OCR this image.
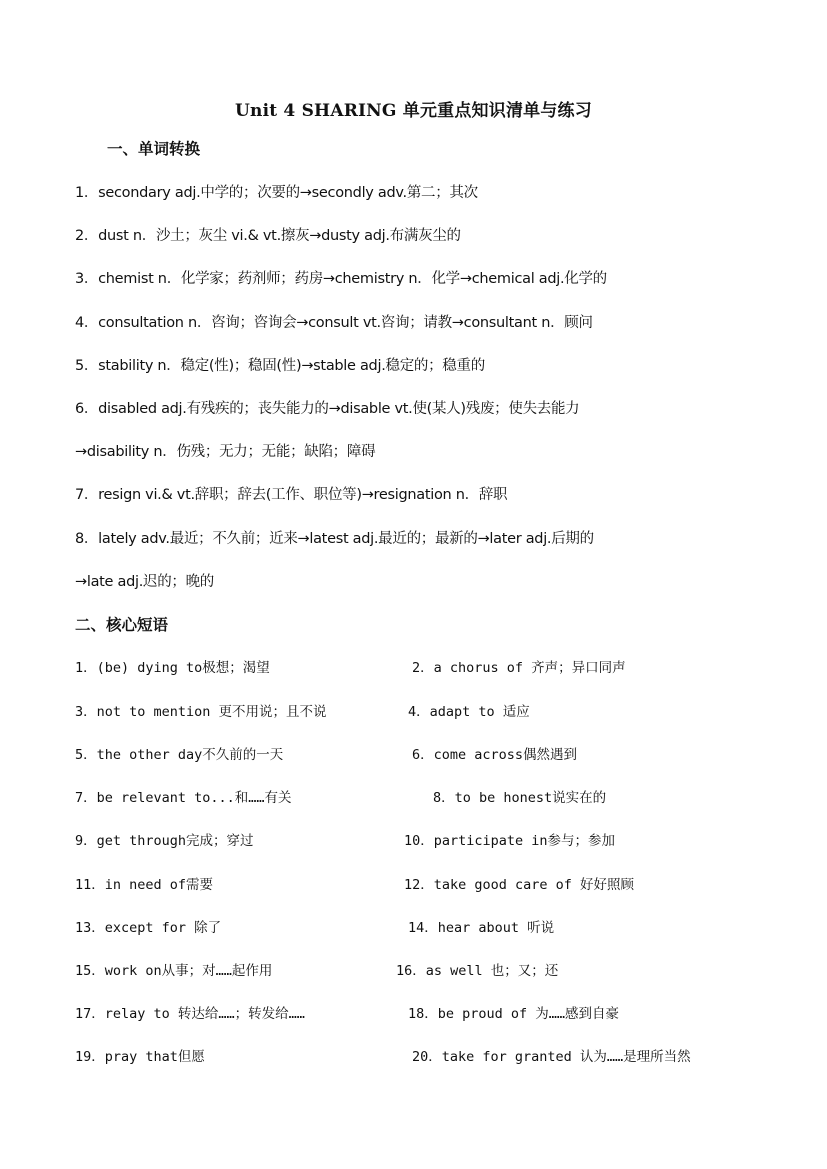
Unit 4 SHARING 单元重点知识清单与练习
一、单词转换
1．secondary adj.中学的；次要的→secondly adv.第二；其次
2．dust n．沙土；灰尘 vi.& vt.擦灰→dusty adj.布满灰尘的
3．chemist n．化学家；药剂师；药房→chemistry n．化学→chemical adj.化学的
4．consultation n．咨询；咨询会→consult vt.咨询；请教→consultant n．顾问
5．stability n．稳定(性)；稳固(性)→stable adj.稳定的；稳重的
6．disabled adj.有残疾的；丧失能力的→disable vt.使(某人)残废；使失去能力
→disability n．伤残；无力；无能；缺陷；障碍
7．resign vi.& vt.辞职；辞去(工作、职位等)→resignation n．辞职
8．lately adv.最近；不久前；近来→latest adj.最近的；最新的→later adj.后期的
→late adj.迟的；晚的
二、核心短语
1．(be) dying to极想；渴望	2．a chorus of 齐声；异口同声
3．not to mention 更不用说；且不说	4．adapt to 适应
5．the other day不久前的一天	6．come across偶然遇到
7．be relevant to...和……有关	8．to be honest说实在的
9．get through完成；穿过	10．participate in参与；参加
11．in need of需要	12．take good care of 好好照顾
13．except for 除了	14．hear about 听说
15．work on从事；对……起作用	16．as well 也；又；还
17．relay to 转达给……；转发给……	18．be proud of 为……感到自豪
19．pray that但愿	20．take for granted 认为……是理所当然
